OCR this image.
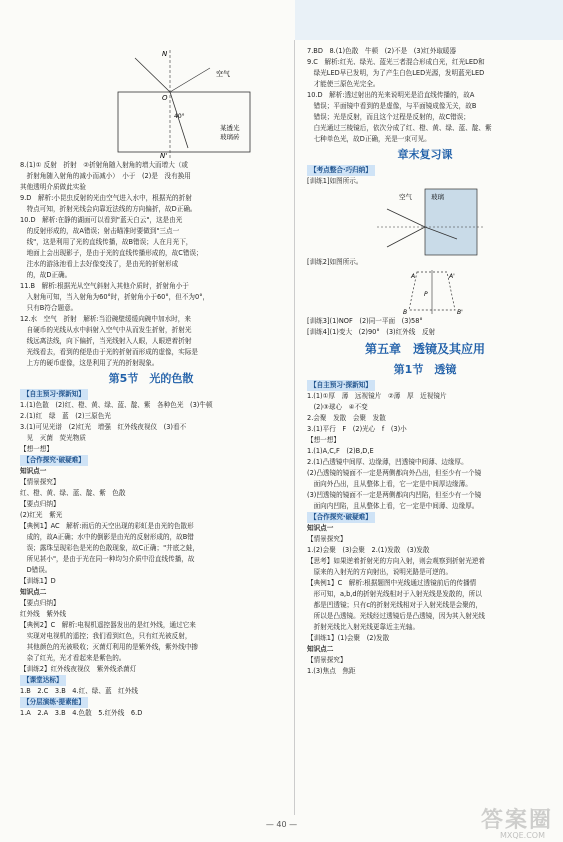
N
O
N'
空气
40°
某透光
玻璃砖
8.(1)① 反射　折射　②折射角随入射角的增大而增大（或
　折射角随入射角的减小而减小）　小于　(2)是　没有换用
其他透明介质做此实验
9.D　解析:小昆虫反射的光由空气进入水中，根据光的折射
　特点可知，折射光线会向靠近法线的方向偏折，故D正确。
10.D　解析:在静的湖面可以看到"蓝天白云"，这是由光
　的反射形成的，故A错误；射击瞄准时要做到"三点一
　线"，这是利用了光的直线传播，故B错误；人在月光下，
　地面上会出现影子，是由于光的直线传播形成的，故C错误；
　注水的游泳池看上去好像变浅了，是由光的折射形成
　的，故D正确。
11.B　解析:根据光从空气斜射入其他介质时，折射角小于
　入射角可知，当入射角为60°时，折射角小于60°，但不为0°，
　只有B符合题意。
12.水　空气　折射　解析:当沿碗壁缓缓向碗中加水时，来
　自硬币的光线从水中斜射入空气中从而发生折射，折射光
　线远离法线，向下偏折，当光线射入人眼，人眼逆着折射
　光线看去，看到的便是由于光的折射而形成的虚像，实际是
　上方的硬币虚像，这是利用了光的折射现象。
第5节　光的色散
【自主预习·探新知】
1.(1)色散　(2)红、橙、黄、绿、蓝、靛、紫　各种色光　(3)牛顿
2.(1)红　绿　蓝　(2)三原色光
3.(1)可见光谱　(2)红光　增强　红外线夜视仪　(3)看不
　见　灭菌　荧光物质
【想一想】
【合作探究·破疑难】
知识点一
【情景探究】
红、橙、黄、绿、蓝、靛、紫　色散
【要点归纳】
(2)红光　紫光
【典例1】AC　解析:雨后的天空出现的彩虹是由光的色散形
　成的，故A正确；水中的倒影是由光的反射形成的，故B错
　误；露珠呈现彩色是光的色散现象，故C正确；"井底之蛙，
　所见甚小"，是由于光在同一种均匀介质中沿直线传播，故
　D错误。
【训练1】D
知识点二
【要点归纳】
红外线　紫外线
【典例2】C　解析:电视机遥控器发出的是红外线，通过它来
　实现对电视机的遥控；我们看到红色，只有红光被反射，
　其他颜色的光被吸收；灭菌灯利用的是紫外线，紫外线中掺
　杂了红光，光才看起来是紫色的。
【训练2】红外线夜视仪　紫外线杀菌灯
【课堂达标】
1.B　2.C　3.B　4.红、绿、蓝　红外线
【分层演练·提素能】
1.A　2.A　3.B　4.色散　5.红外线　6.D
7.BD　8.(1)色散　牛顿　(2)不是　(3)红外取暖器
9.C　解析:红光、绿光、蓝光三者混合形成白光，红光LED和
　绿光LED早已发明，为了产生白色LED光源，发明蓝光LED
　才能使三原色光完全。
10.D　解析:透过射出的光来说明光是沿直线传播的，故A
　错误；平面镜中看到的是虚像，与平面镜成像无关，故B
　错误；光是反射，而且这个过程是反射的，故C错误；
　白光通过三棱镜后，依次分成了红、橙、黄、绿、蓝、靛、紫
　七种单色光，故D正确，光是一束可见。
章末复习课
【考点整合·巧归纳】
[训练1]如图所示。
空气	玻璃
[训练2]如图所示。
A
B
A'
B'
P
[训练3](1)NOF　(2)同一平面　(3)58°
[训练4](1)变大　(2)90°　(3)红外线　反射
第五章　透镜及其应用
第1节　透镜
【自主预习·探新知】
1.(1)①厚　薄　远视镜片　②薄　厚　近视镜片
　(2)③球心　④不变
2.会聚　发散　会聚　发散
3.(1)平行　F　(2)光心　f　(3)小
【想一想】
1.(1)A,C,F　(2)B,D,E
2.(1)凸透镜中间厚、边缘薄，凹透镜中间薄、边缘厚。
(2)凸透镜的镜面不一定是两侧都向外凸出，但至少有一个镜
　面向外凸出，且从整体上看，它一定是中间厚边缘薄。
(3)凹透镜的镜面不一定是两侧都向内凹陷，但至少有一个镜
　面向内凹陷，且从整体上看，它一定是中间薄、边缘厚。
【合作探究·破疑难】
知识点一
【情景探究】
1.(2)会聚　(3)会聚　2.(1)发散　(3)发散
【思考】如果逆着折射光的方向入射，则会观察到折射光逆着
　原来的入射光的方向射出，说明光路是可逆的。
【典例1】C　解析:根据题图中光线通过透镜前后的传播情
　形可知，a,b,d的折射光线相对于入射光线是发散的，所以
　都是凹透镜；只有c的折射光线相对于入射光线是会聚的，
　所以是凸透镜。光线经过透镜后是凸透镜，因为其入射光线
　折射光线比入射光线更靠近主光轴。
【训练1】(1)会聚　(2)发散
知识点二
【情景探究】
1.(3)焦点　焦距
— 40 —	答案圈
MXQE.COM
